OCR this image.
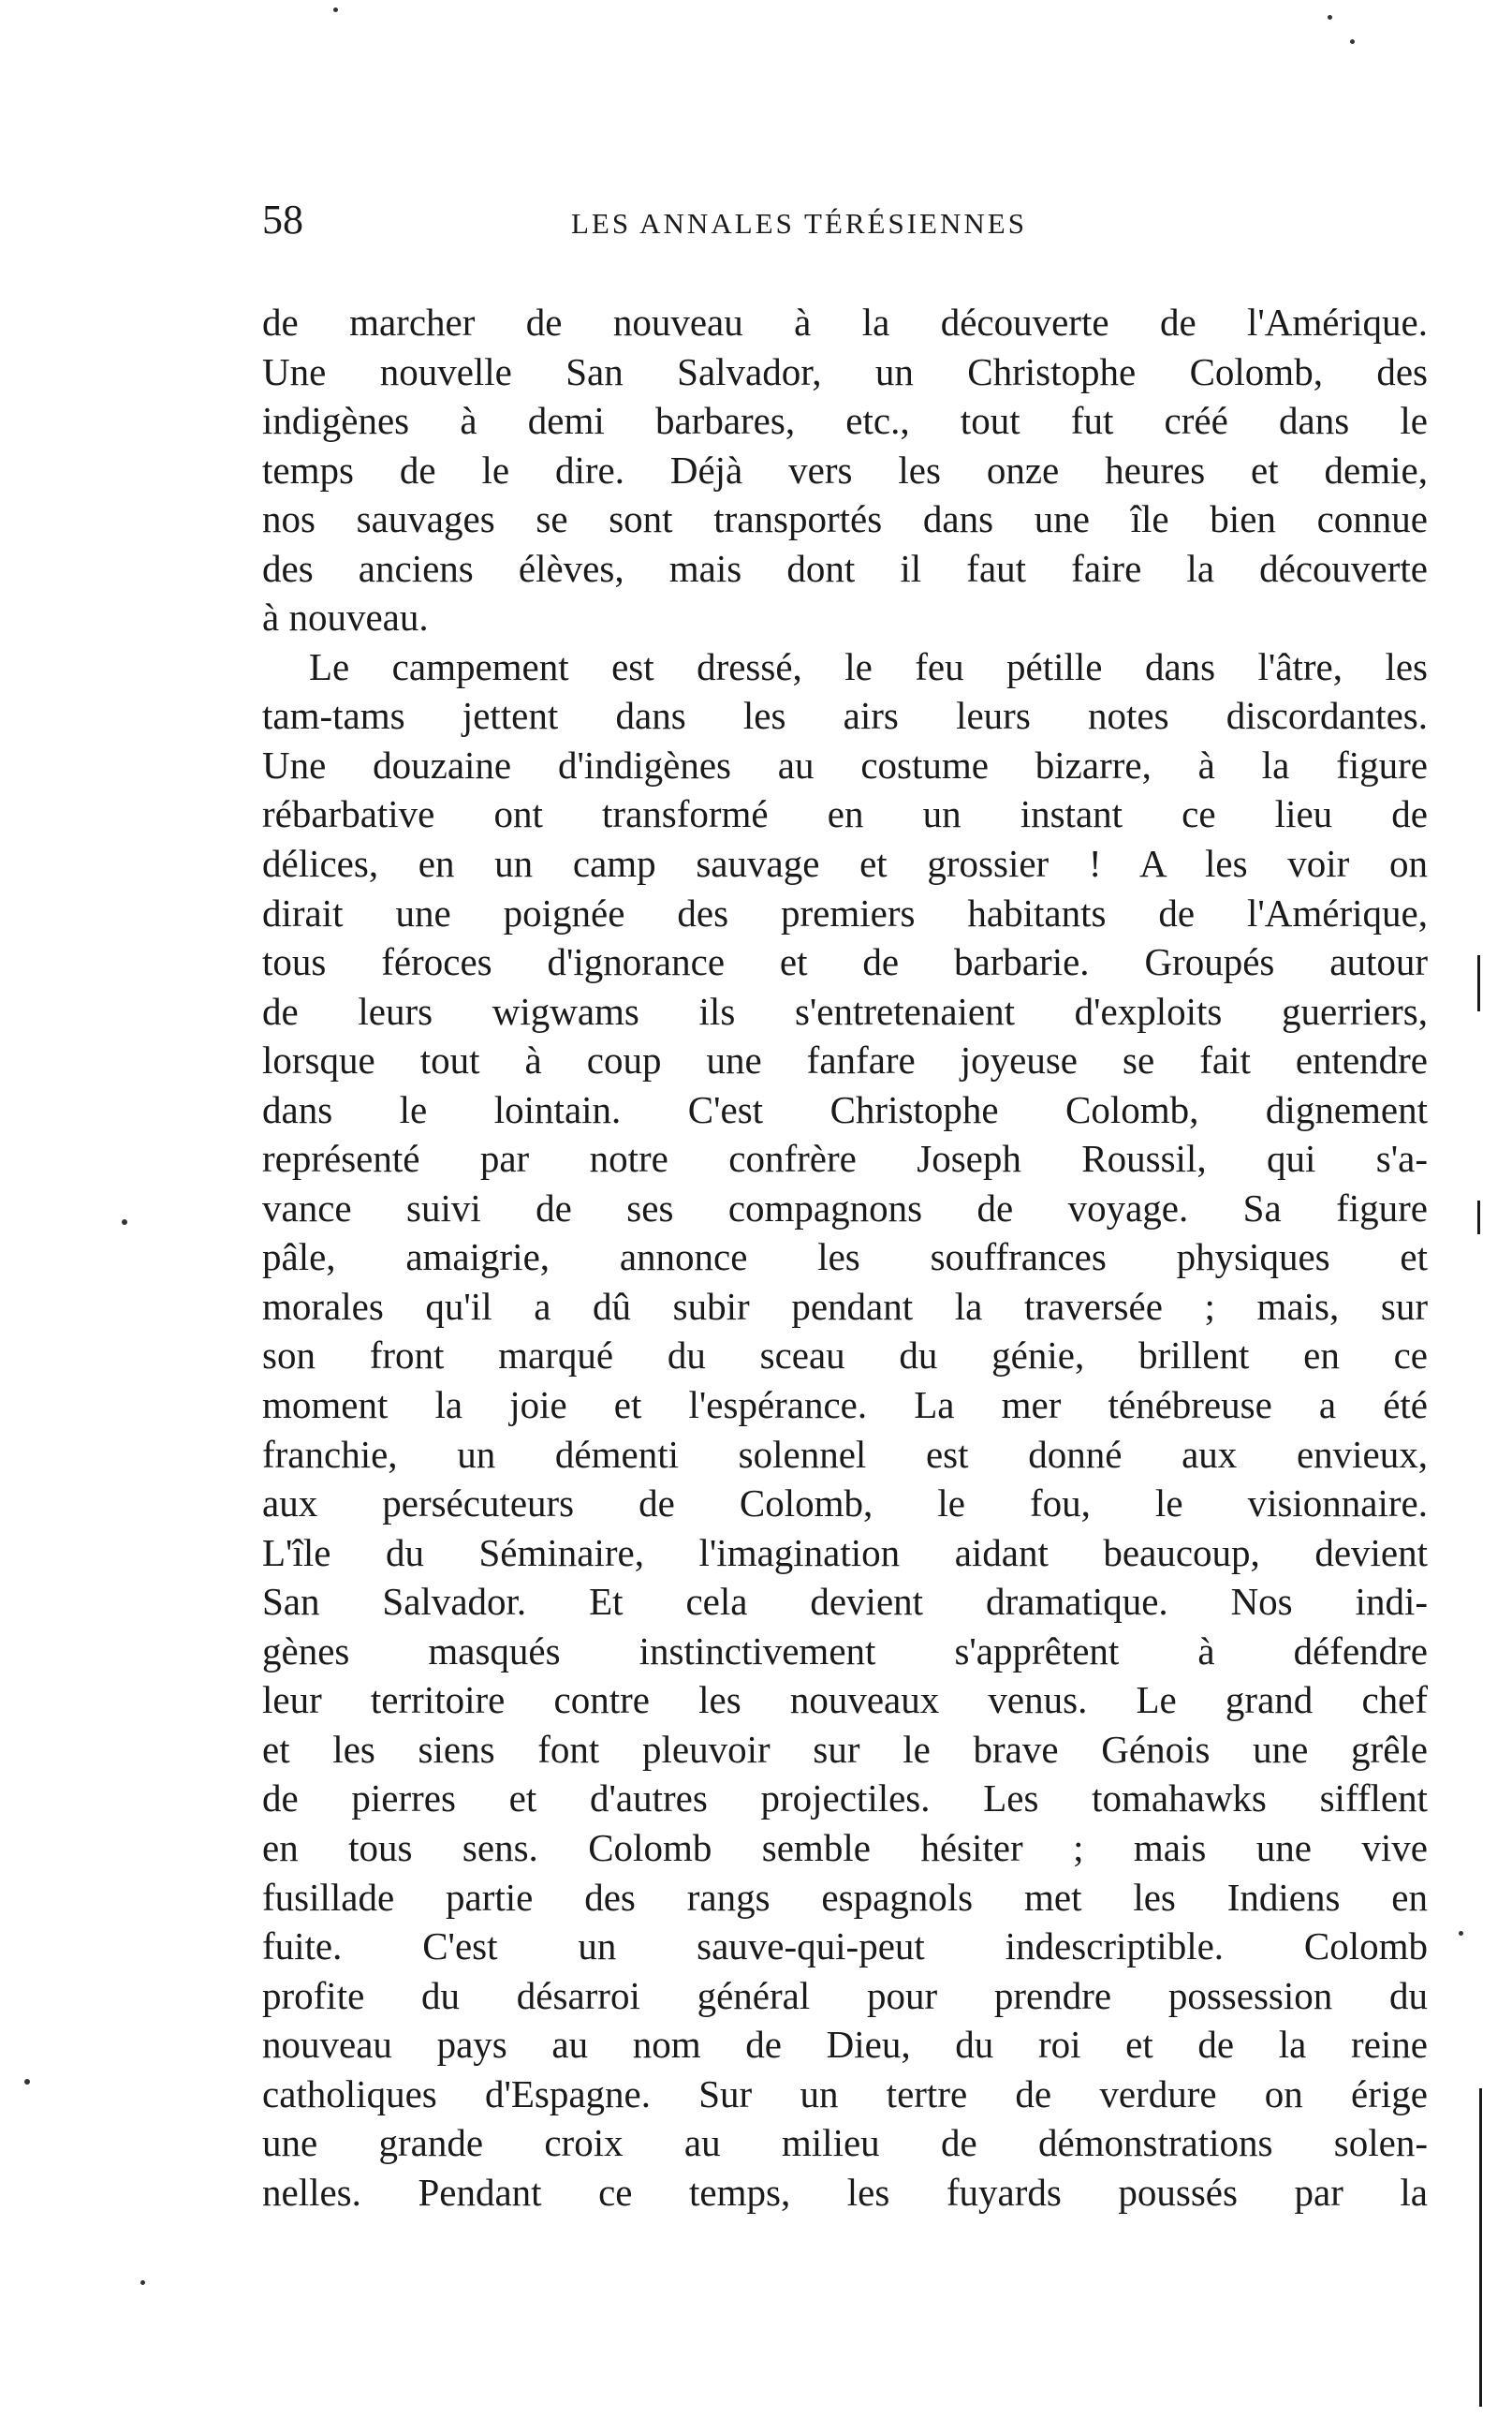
58	LES ANNALES TÉRÉSIENNES
de marcher de nouveau à la découverte de l'Amérique.
Une nouvelle San Salvador, un Christophe Colomb, des
indigènes à demi barbares, etc., tout fut créé dans le
temps de le dire. Déjà vers les onze heures et demie,
nos sauvages se sont transportés dans une île bien connue
des anciens élèves, mais dont il faut faire la découverte
à nouveau.
Le campement est dressé, le feu pétille dans l'âtre, les
tam-tams jettent dans les airs leurs notes discordantes.
Une douzaine d'indigènes au costume bizarre, à la figure
rébarbative ont transformé en un instant ce lieu de
délices, en un camp sauvage et grossier ! A les voir on
dirait une poignée des premiers habitants de l'Amérique,
tous féroces d'ignorance et de barbarie. Groupés autour
de leurs wigwams ils s'entretenaient d'exploits guerriers,
lorsque tout à coup une fanfare joyeuse se fait entendre
dans le lointain. C'est Christophe Colomb, dignement
représenté par notre confrère Joseph Roussil, qui s'a-
vance suivi de ses compagnons de voyage. Sa figure
pâle, amaigrie, annonce les souffrances physiques et
morales qu'il a dû subir pendant la traversée ; mais, sur
son front marqué du sceau du génie, brillent en ce
moment la joie et l'espérance. La mer ténébreuse a été
franchie, un démenti solennel est donné aux envieux,
aux persécuteurs de Colomb, le fou, le visionnaire.
L'île du Séminaire, l'imagination aidant beaucoup, devient
San Salvador. Et cela devient dramatique. Nos indi-
gènes masqués instinctivement s'apprêtent à défendre
leur territoire contre les nouveaux venus. Le grand chef
et les siens font pleuvoir sur le brave Génois une grêle
de pierres et d'autres projectiles. Les tomahawks sifflent
en tous sens. Colomb semble hésiter ; mais une vive
fusillade partie des rangs espagnols met les Indiens en
fuite. C'est un sauve-qui-peut indescriptible. Colomb
profite du désarroi général pour prendre possession du
nouveau pays au nom de Dieu, du roi et de la reine
catholiques d'Espagne. Sur un tertre de verdure on érige
une grande croix au milieu de démonstrations solen-
nelles. Pendant ce temps, les fuyards poussés par la
